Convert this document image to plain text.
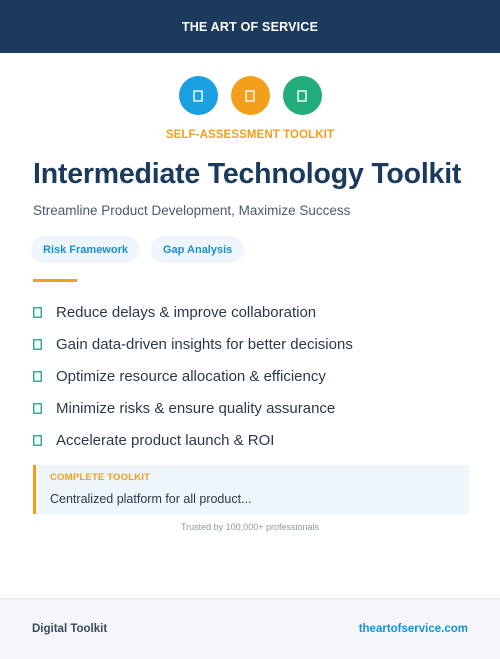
THE ART OF SERVICE
SELF-ASSESSMENT TOOLKIT
Intermediate Technology Toolkit

Streamline Product Development, Maximize Success

Risk Framework	Gap Analysis
Reduce delays & improve collaboration
Gain data-driven insights for better decisions
Optimize resource allocation & efficiency
Minimize risks & ensure quality assurance
Accelerate product launch & ROI
COMPLETE TOOLKIT
Centralized platform for all product...
Trusted by 100,000+ professionals
Digital Toolkit	theartofservice.com
